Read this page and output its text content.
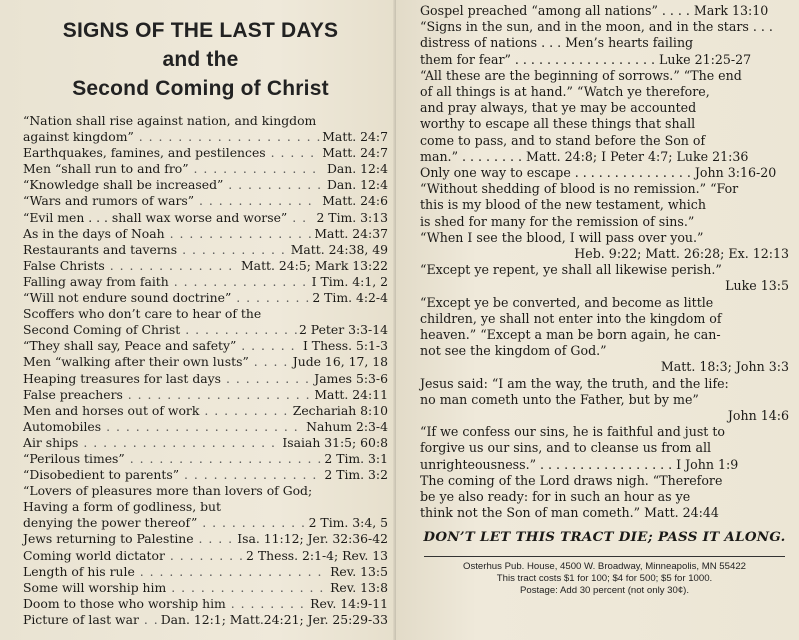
SIGNS OF THE LAST DAYS
and the
Second Coming of Christ
“Nation shall rise against nation, and kingdom
against kingdom” . . . . . . . . . . . . . . . . . . . Matt. 24:7
Earthquakes, famines, and pestilences . . . . . Matt. 24:7
Men “shall run to and fro” . . . . . . . . . . . . . Dan. 12:4
“Knowledge shall be increased” . . . . . . . . . . Dan. 12:4
“Wars and rumors of wars” . . . . . . . . . . . . Matt. 24:6
“Evil men . . . shall wax worse and worse” . . 2 Tim. 3:13
As in the days of Noah . . . . . . . . . . . . . . . Matt. 24:37
Restaurants and taverns . . . . . . . . . . . Matt. 24:38, 49
False Christs . . . . . . . . . . . . . Matt. 24:5; Mark 13:22
Falling away from faith . . . . . . . . . . . . . . I Tim. 4:1, 2
“Will not endure sound doctrine” . . . . . . . . 2 Tim. 4:2-4
Scoffers who don’t care to hear of the
Second Coming of Christ . . . . . . . . . . . . 2 Peter 3:3-14
“They shall say, Peace and safety” . . . . . . I Thess. 5:1-3
Men “walking after their own lusts” . . . . Jude 16, 17, 18
Heaping treasures for last days . . . . . . . . . James 5:3-6
False preachers . . . . . . . . . . . . . . . . . . . Matt. 24:11
Men and horses out of work . . . . . . . . . Zechariah 8:10
Automobiles . . . . . . . . . . . . . . . . . . . . Nahum 2:3-4
Air ships . . . . . . . . . . . . . . . . . . . . Isaiah 31:5; 60:8
“Perilous times” . . . . . . . . . . . . . . . . . . . . 2 Tim. 3:1
“Disobedient to parents” . . . . . . . . . . . . . . 2 Tim. 3:2
“Lovers of pleasures more than lovers of God;
Having a form of godliness, but
denying the power thereof” . . . . . . . . . . . 2 Tim. 3:4, 5
Jews returning to Palestine . . . . Isa. 11:12; Jer. 32:36-42
Coming world dictator . . . . . . . . 2 Thess. 2:1-4; Rev. 13
Length of his rule . . . . . . . . . . . . . . . . . . . Rev. 13:5
Some will worship him . . . . . . . . . . . . . . . . Rev. 13:8
Doom to those who worship him . . . . . . . . Rev. 14:9-11
Picture of last war . . Dan. 12:1; Matt.24:21; Jer. 25:29-33
Gospel preached “among all nations” . . . . Mark 13:10
“Signs in the sun, and in the moon, and in the stars . . .
distress of nations . . . Men’s hearts failing
them for fear” . . . . . . . . . . . . . . . . . . Luke 21:25-27
“All these are the beginning of sorrows.” “The end
of all things is at hand.” “Watch ye therefore,
and pray always, that ye may be accounted
worthy to escape all these things that shall
come to pass, and to stand before the Son of
man.” . . . . . . . . Matt. 24:8; I Peter 4:7; Luke 21:36
Only one way to escape . . . . . . . . . . . . . . . John 3:16-20
“Without shedding of blood is no remission.” “For
this is my blood of the new testament, which
is shed for many for the remission of sins.”
“When I see the blood, I will pass over you.”
Heb. 9:22; Matt. 26:28; Ex. 12:13
“Except ye repent, ye shall all likewise perish.”
Luke 13:5
“Except ye be converted, and become as little
children, ye shall not enter into the kingdom of
heaven.” “Except a man be born again, he can-
not see the kingdom of God.”
Matt. 18:3; John 3:3
Jesus said: “I am the way, the truth, and the life:
no man cometh unto the Father, but by me”
John 14:6
“If we confess our sins, he is faithful and just to
forgive us our sins, and to cleanse us from all
unrighteousness.” . . . . . . . . . . . . . . . . . I John 1:9
The coming of the Lord draws nigh. “Therefore
be ye also ready: for in such an hour as ye
think not the Son of man cometh.” Matt. 24:44
DON’T LET THIS TRACT DIE; PASS IT ALONG.
Osterhus Pub. House, 4500 W. Broadway, Minneapolis, MN 55422
This tract costs $1 for 100; $4 for 500; $5 for 1000.
Postage: Add 30 percent (not only 30¢).
